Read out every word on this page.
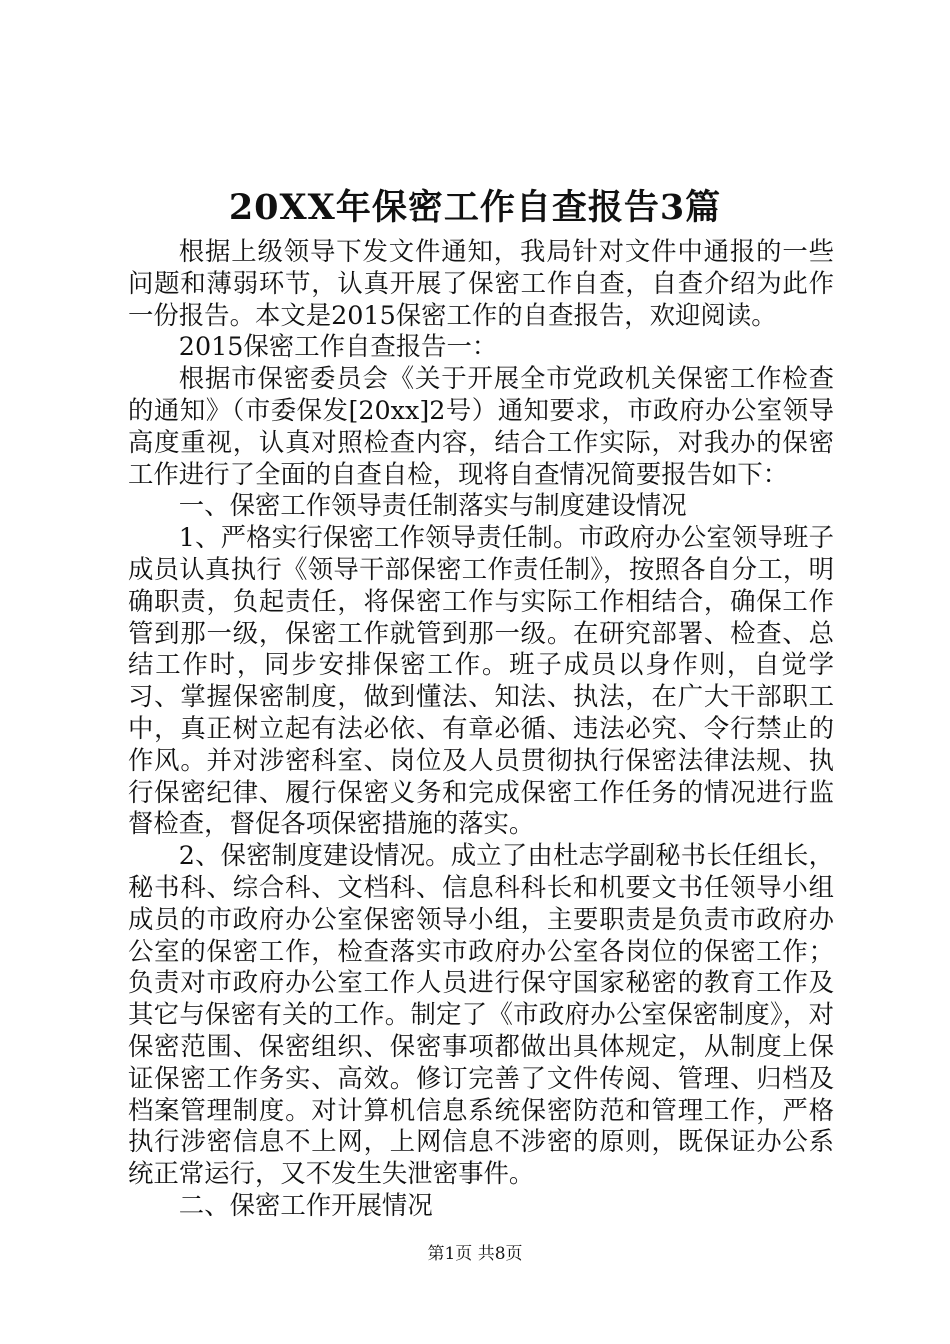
20XX年保密工作自查报告3篇

根据上级领导下发文件通知，我局针对文件中通报的一些问题和薄弱环节，认真开展了保密工作自查，自查介绍为此作一份报告。本文是2015保密工作的自查报告，欢迎阅读。

2015保密工作自查报告一：

根据市保密委员会《关于开展全市党政机关保密工作检查的通知》（市委保发[20xx]2号）通知要求，市政府办公室领导高度重视，认真对照检查内容，结合工作实际，对我办的保密工作进行了全面的自查自检，现将自查情况简要报告如下：

一、保密工作领导责任制落实与制度建设情况

1、严格实行保密工作领导责任制。市政府办公室领导班子成员认真执行《领导干部保密工作责任制》，按照各自分工，明确职责，负起责任，将保密工作与实际工作相结合，确保工作管到那一级，保密工作就管到那一级。在研究部署、检查、总结工作时，同步安排保密工作。班子成员以身作则，自觉学习、掌握保密制度，做到懂法、知法、执法，在广大干部职工中，真正树立起有法必依、有章必循、违法必究、令行禁止的作风。并对涉密科室、岗位及人员贯彻执行保密法律法规、执行保密纪律、履行保密义务和完成保密工作任务的情况进行监督检查，督促各项保密措施的落实。

2、保密制度建设情况。成立了由杜志学副秘书长任组长，秘书科、综合科、文档科、信息科科长和机要文书任领导小组成员的市政府办公室保密领导小组，主要职责是负责市政府办公室的保密工作，检查落实市政府办公室各岗位的保密工作；负责对市政府办公室工作人员进行保守国家秘密的教育工作及其它与保密有关的工作。制定了《市政府办公室保密制度》，对保密范围、保密组织、保密事项都做出具体规定，从制度上保证保密工作务实、高效。修订完善了文件传阅、管理、归档及档案管理制度。对计算机信息系统保密防范和管理工作，严格执行涉密信息不上网，上网信息不涉密的原则，既保证办公系统正常运行，又不发生失泄密事件。

二、保密工作开展情况

第1页 共8页
